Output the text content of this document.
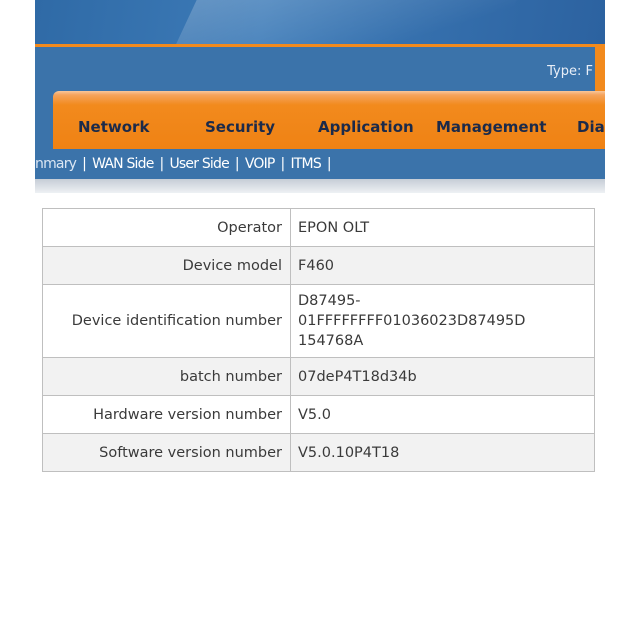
Type: F
Network	Security	Application Management Dia
nmary | WAN Side | User Side | VOIP | ITMS |
Operator	EPON OLT
Device model	F460
Device identification number	D87495-
01FFFFFFFF01036023D87495D
154768A
batch number	07deP4T18d34b
Hardware version number	V5.0
Software version number	V5.0.10P4T18
